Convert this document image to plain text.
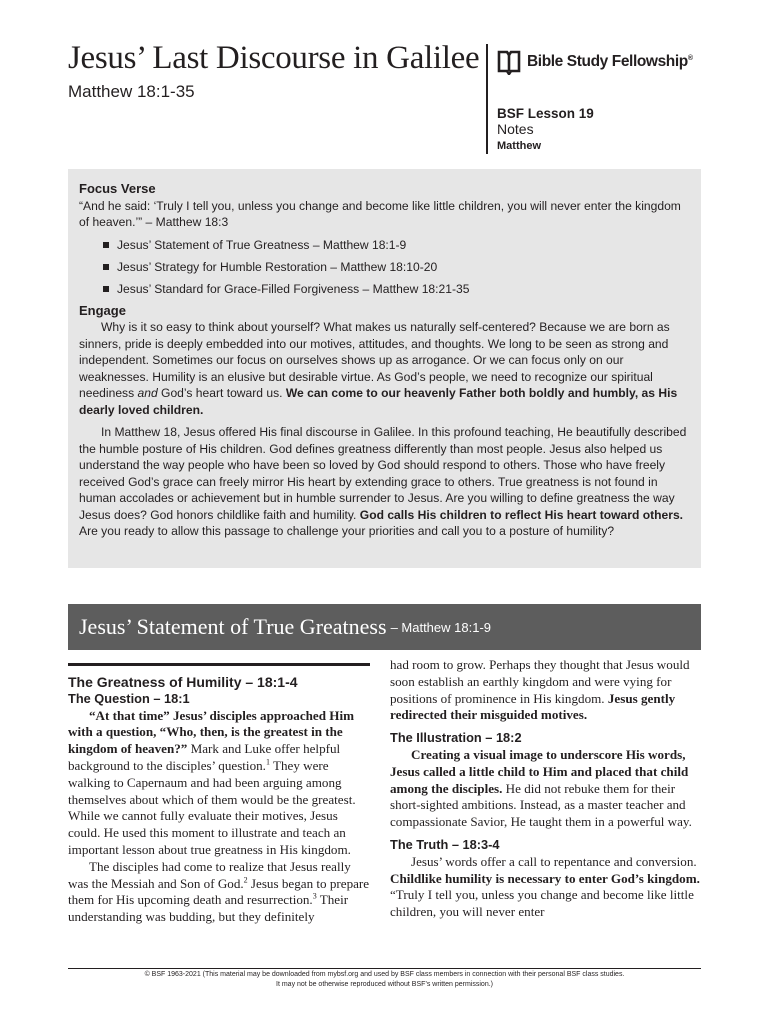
Jesus’ Last Discourse in Galilee
Matthew 18:1-35
Bible Study Fellowship®
BSF Lesson 19
Notes
Matthew

Focus Verse

“And he said: ‘Truly I tell you, unless you change and become like little children, you will never enter the kingdom of heaven.’” – Matthew 18:3

Jesus’ Statement of True Greatness – Matthew 18:1-9
Jesus’ Strategy for Humble Restoration – Matthew 18:10-20
Jesus’ Standard for Grace-Filled Forgiveness – Matthew 18:21-35

Engage

Why is it so easy to think about yourself? What makes us naturally self-centered? Because we are born as sinners, pride is deeply embedded into our motives, attitudes, and thoughts. We long to be seen as strong and independent. Sometimes our focus on ourselves shows up as arrogance. Or we can focus only on our weaknesses. Humility is an elusive but desirable virtue. As God’s people, we need to recognize our spiritual neediness and God’s heart toward us. We can come to our heavenly Father both boldly and humbly, as His dearly loved children.

In Matthew 18, Jesus offered His final discourse in Galilee. In this profound teaching, He beautifully described the humble posture of His children. God defines greatness differently than most people. Jesus also helped us understand the way people who have been so loved by God should respond to others. Those who have freely received God’s grace can freely mirror His heart by extending grace to others. True greatness is not found in human accolades or achievement but in humble surrender to Jesus. Are you willing to define greatness the way Jesus does? God honors childlike faith and humility. God calls His children to reflect His heart toward others. Are you ready to allow this passage to challenge your priorities and call you to a posture of humility?

Jesus’ Statement of True Greatness – Matthew 18:1-9

The Greatness of Humility – 18:1-4

The Question – 18:1

“At that time” Jesus’ disciples approached Him with a question, “Who, then, is the greatest in the kingdom of heaven?” Mark and Luke offer helpful background to the disciples’ question.$^1$ They were walking to Capernaum and had been arguing among themselves about which of them would be the greatest. While we cannot fully evaluate their motives, Jesus could. He used this moment to illustrate and teach an important lesson about true greatness in His kingdom.

The disciples had come to realize that Jesus really was the Messiah and Son of God.$^2$ Jesus began to prepare them for His upcoming death and resurrection.$^3$ Their understanding was budding, but they definitely

had room to grow. Perhaps they thought that Jesus would soon establish an earthly kingdom and were vying for positions of prominence in His kingdom. Jesus gently redirected their misguided motives.

The Illustration – 18:2

Creating a visual image to underscore His words, Jesus called a little child to Him and placed that child among the disciples. He did not rebuke them for their short-sighted ambitions. Instead, as a master teacher and compassionate Savior, He taught them in a powerful way.

The Truth – 18:3-4

Jesus’ words offer a call to repentance and conversion. Childlike humility is necessary to enter God’s kingdom. “Truly I tell you, unless you change and become like little children, you will never enter

© BSF 1963-2021 (This material may be downloaded from mybsf.org and used by BSF class members in connection with their personal BSF class studies.
It may not be otherwise reproduced without BSF’s written permission.)
